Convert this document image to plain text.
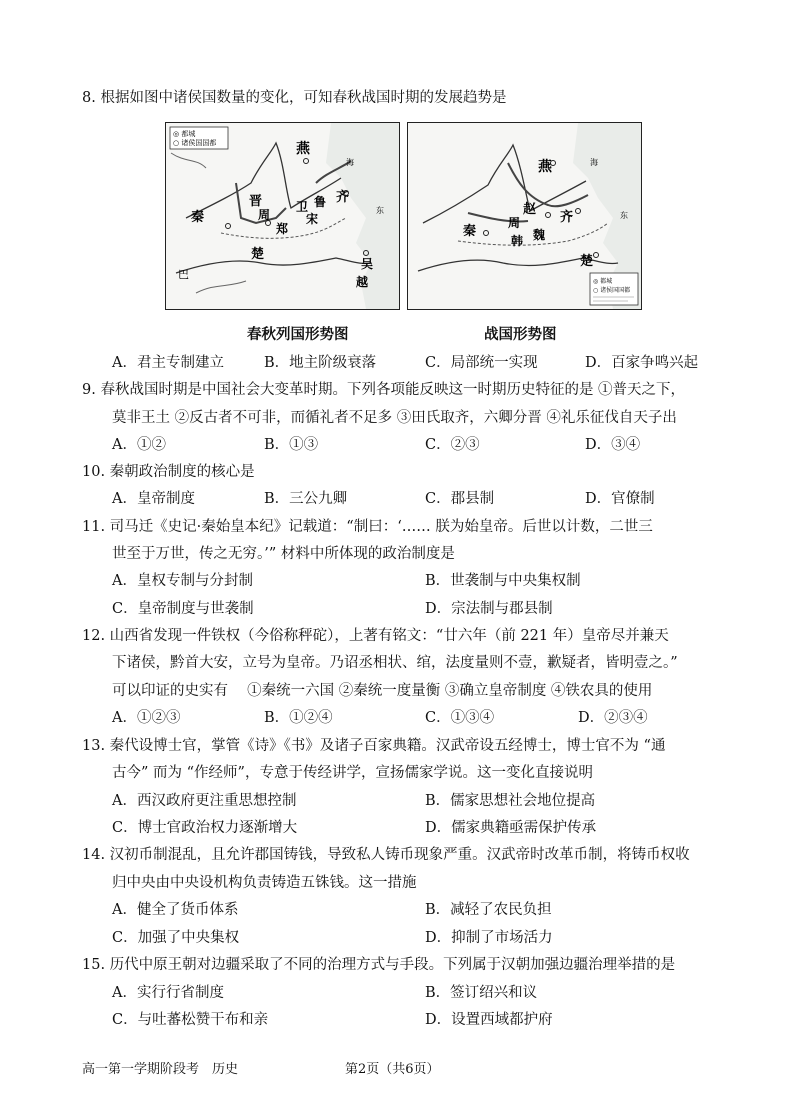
8. 根据如图中诸侯国数量的变化，可知春秋战国时期的发展趋势是
◎ 都城
○ 诸侯国国都	燕
晋
秦	周
卫 鲁 齐
郑
宋
楚
巴
吴
越
海
东
◎ 都城
○ 诸侯国国都
燕
赵
齐
秦
周
韩 魏
楚
海
东
春秋列国形势图	战国形势图
A．君主专制建立	B．地主阶级衰落	C．局部统一实现	D．百家争鸣兴起
9. 春秋战国时期是中国社会大变革时期。下列各项能反映这一时期历史特征的是 ①普天之下，
莫非王土 ②反古者不可非，而循礼者不足多 ③田氏取齐，六卿分晋 ④礼乐征伐自天子出
A．①②	B．①③	C．②③	D．③④
10. 秦朝政治制度的核心是
A．皇帝制度	B．三公九卿	C．郡县制	D．官僚制
11. 司马迁《史记·秦始皇本纪》记载道：“制曰：‘…… 朕为始皇帝。后世以计数，二世三
世至于万世，传之无穷。’” 材料中所体现的政治制度是
A．皇权专制与分封制	B．世袭制与中央集权制
C．皇帝制度与世袭制	D．宗法制与郡县制
12. 山西省发现一件铁权（今俗称秤砣），上著有铭文：“廿六年（前 221 年）皇帝尽并兼天
下诸侯，黔首大安，立号为皇帝。乃诏丞相状、绾，法度量则不壹，歉疑者，皆明壹之。”
可以印证的史实有　 ①秦统一六国 ②秦统一度量衡 ③确立皇帝制度 ④铁农具的使用
A．①②③	B．①②④	C．①③④	D．②③④
13. 秦代设博士官，掌管《诗》《书》及诸子百家典籍。汉武帝设五经博士，博士官不为 “通
古今” 而为 “作经师”，专意于传经讲学，宣扬儒家学说。这一变化直接说明
A．西汉政府更注重思想控制	B．儒家思想社会地位提高
C．博士官政治权力逐渐增大	D．儒家典籍亟需保护传承
14. 汉初币制混乱，且允许郡国铸钱，导致私人铸币现象严重。汉武帝时改革币制，将铸币权收
归中央由中央设机构负责铸造五铢钱。这一措施
A．健全了货币体系	B．减轻了农民负担
C．加强了中央集权	D．抑制了市场活力
15. 历代中原王朝对边疆采取了不同的治理方式与手段。下列属于汉朝加强边疆治理举措的是
A．实行行省制度	B．签订绍兴和议
C．与吐蕃松赞干布和亲	D．设置西域都护府
高一第一学期阶段考　历史	第2页（共6页）
